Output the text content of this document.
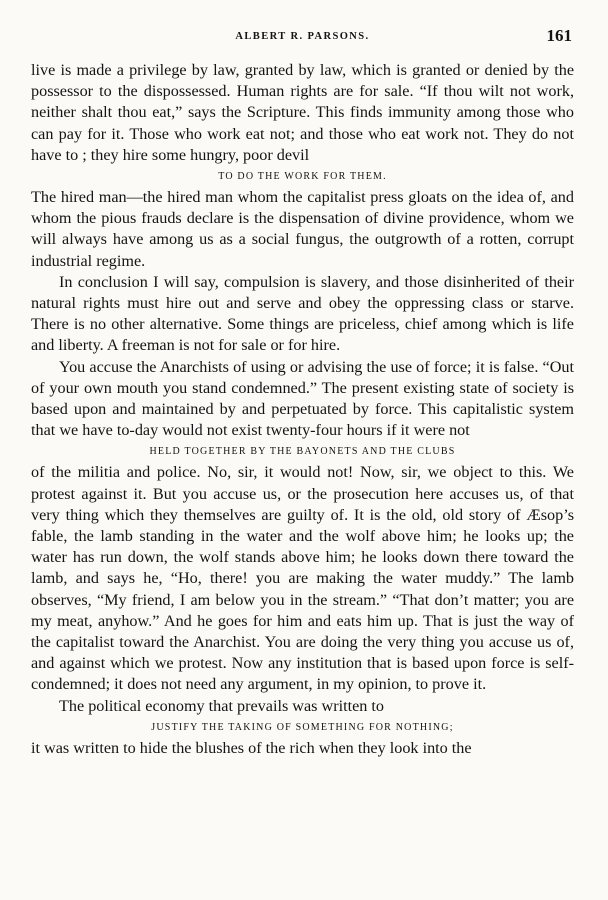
ALBERT R. PARSONS.	161

live is made a privilege by law, granted by law, which is granted or denied by the possessor to the dispossessed. Human rights are for sale. “If thou wilt not work, neither shalt thou eat,” says the Scripture. This finds immunity among those who can pay for it. Those who work eat not; and those who eat work not. They do not have to ; they hire some hungry, poor devil

TO DO THE WORK FOR THEM.

The hired man—the hired man whom the capitalist press gloats on the idea of, and whom the pious frauds declare is the dispensation of divine providence, whom we will always have among us as a social fungus, the outgrowth of a rotten, corrupt industrial regime.

In conclusion I will say, compulsion is slavery, and those disinherited of their natural rights must hire out and serve and obey the oppressing class or starve. There is no other alternative. Some things are priceless, chief among which is life and liberty. A freeman is not for sale or for hire.

You accuse the Anarchists of using or advising the use of force; it is false. “Out of your own mouth you stand condemned.” The present existing state of society is based upon and maintained by and perpetuated by force. This capitalistic system that we have to-day would not exist twenty-four hours if it were not

HELD TOGETHER BY THE BAYONETS AND THE CLUBS

of the militia and police. No, sir, it would not! Now, sir, we object to this. We protest against it. But you accuse us, or the prosecution here accuses us, of that very thing which they themselves are guilty of. It is the old, old story of Æsop’s fable, the lamb standing in the water and the wolf above him; he looks up; the water has run down, the wolf stands above him; he looks down there toward the lamb, and says he, “Ho, there! you are making the water muddy.” The lamb observes, “My friend, I am below you in the stream.” “That don’t matter; you are my meat, anyhow.” And he goes for him and eats him up. That is just the way of the capitalist toward the Anarchist. You are doing the very thing you accuse us of, and against which we protest. Now any institution that is based upon force is self-condemned; it does not need any argument, in my opinion, to prove it.

The political economy that prevails was written to

JUSTIFY THE TAKING OF SOMETHING FOR NOTHING;

it was written to hide the blushes of the rich when they look into the
